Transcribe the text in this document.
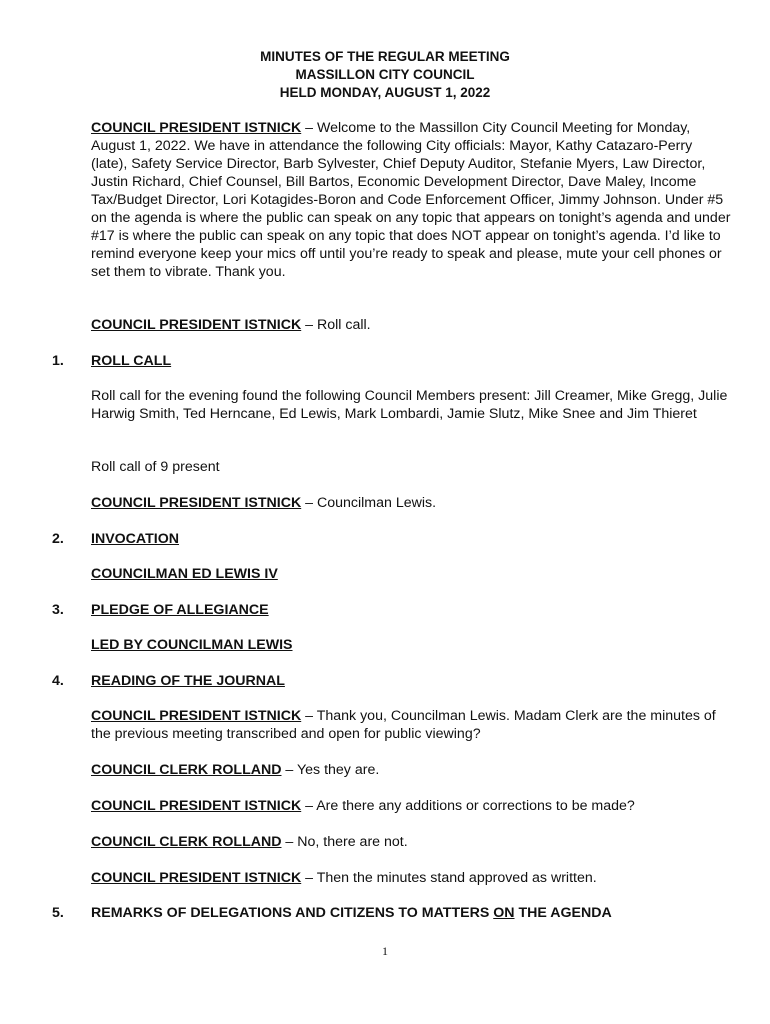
MINUTES OF THE REGULAR MEETING
MASSILLON CITY COUNCIL
HELD MONDAY, AUGUST 1, 2022
COUNCIL PRESIDENT ISTNICK – Welcome to the Massillon City Council Meeting for Monday, August 1, 2022. We have in attendance the following City officials: Mayor, Kathy Catazaro-Perry (late), Safety Service Director, Barb Sylvester, Chief Deputy Auditor, Stefanie Myers, Law Director, Justin Richard, Chief Counsel, Bill Bartos, Economic Development Director, Dave Maley, Income Tax/Budget Director, Lori Kotagides-Boron and Code Enforcement Officer, Jimmy Johnson. Under #5 on the agenda is where the public can speak on any topic that appears on tonight’s agenda and under #17 is where the public can speak on any topic that does NOT appear on tonight’s agenda. I’d like to remind everyone keep your mics off until you’re ready to speak and please, mute your cell phones or set them to vibrate. Thank you.
COUNCIL PRESIDENT ISTNICK – Roll call.
1. ROLL CALL
Roll call for the evening found the following Council Members present: Jill Creamer, Mike Gregg, Julie Harwig Smith, Ted Herncane, Ed Lewis, Mark Lombardi, Jamie Slutz, Mike Snee and Jim Thieret
Roll call of 9 present
COUNCIL PRESIDENT ISTNICK – Councilman Lewis.
2. INVOCATION
COUNCILMAN ED LEWIS IV
3. PLEDGE OF ALLEGIANCE
LED BY COUNCILMAN LEWIS
4. READING OF THE JOURNAL
COUNCIL PRESIDENT ISTNICK – Thank you, Councilman Lewis. Madam Clerk are the minutes of the previous meeting transcribed and open for public viewing?
COUNCIL CLERK ROLLAND – Yes they are.
COUNCIL PRESIDENT ISTNICK – Are there any additions or corrections to be made?
COUNCIL CLERK ROLLAND – No, there are not.
COUNCIL PRESIDENT ISTNICK – Then the minutes stand approved as written.
5. REMARKS OF DELEGATIONS AND CITIZENS TO MATTERS ON THE AGENDA
1
